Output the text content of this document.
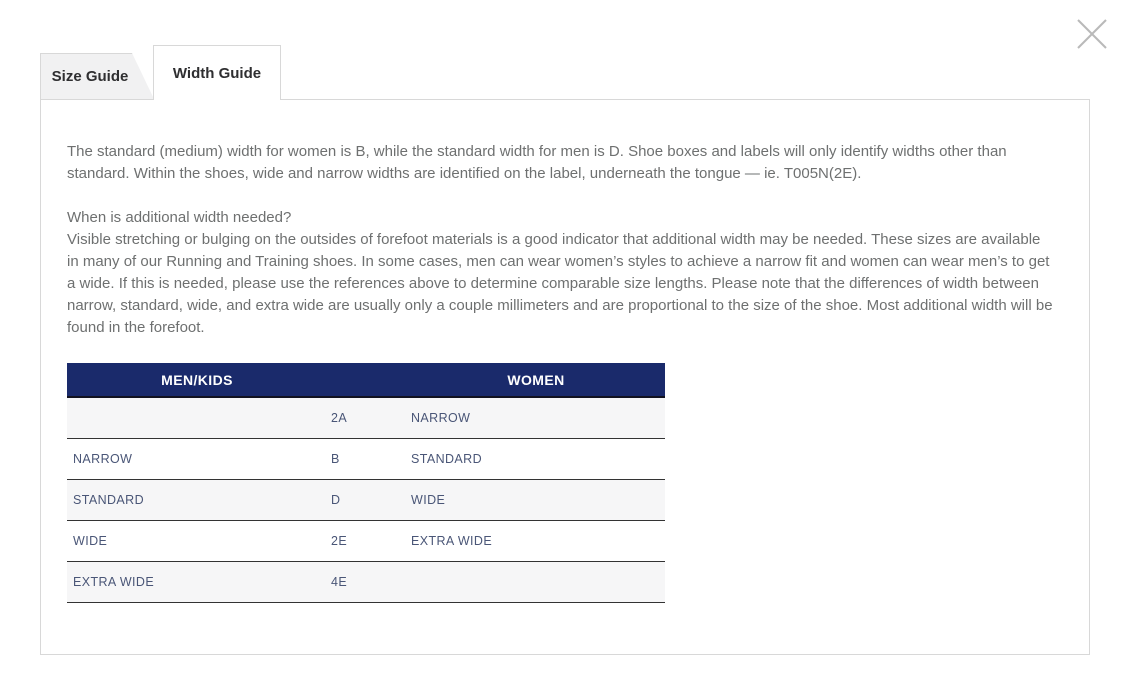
Size Guide	Width Guide
The standard (medium) width for women is B, while the standard width for men is D. Shoe boxes and labels will only identify widths other than standard. Within the shoes, wide and narrow widths are identified on the label, underneath the tongue — ie. T005N(2E).
When is additional width needed?
Visible stretching or bulging on the outsides of forefoot materials is a good indicator that additional width may be needed. These sizes are available in many of our Running and Training shoes. In some cases, men can wear women’s styles to achieve a narrow fit and women can wear men’s to get a wide. If this is needed, please use the references above to determine comparable size lengths. Please note that the differences of width between narrow, standard, wide, and extra wide are usually only a couple millimeters and are proportional to the size of the shoe. Most additional width will be found in the forefoot.
MEN/KIDS		WOMEN
	2A	NARROW
NARROW	B	STANDARD
STANDARD	D	WIDE
WIDE	2E	EXTRA WIDE
EXTRA WIDE	4E	
